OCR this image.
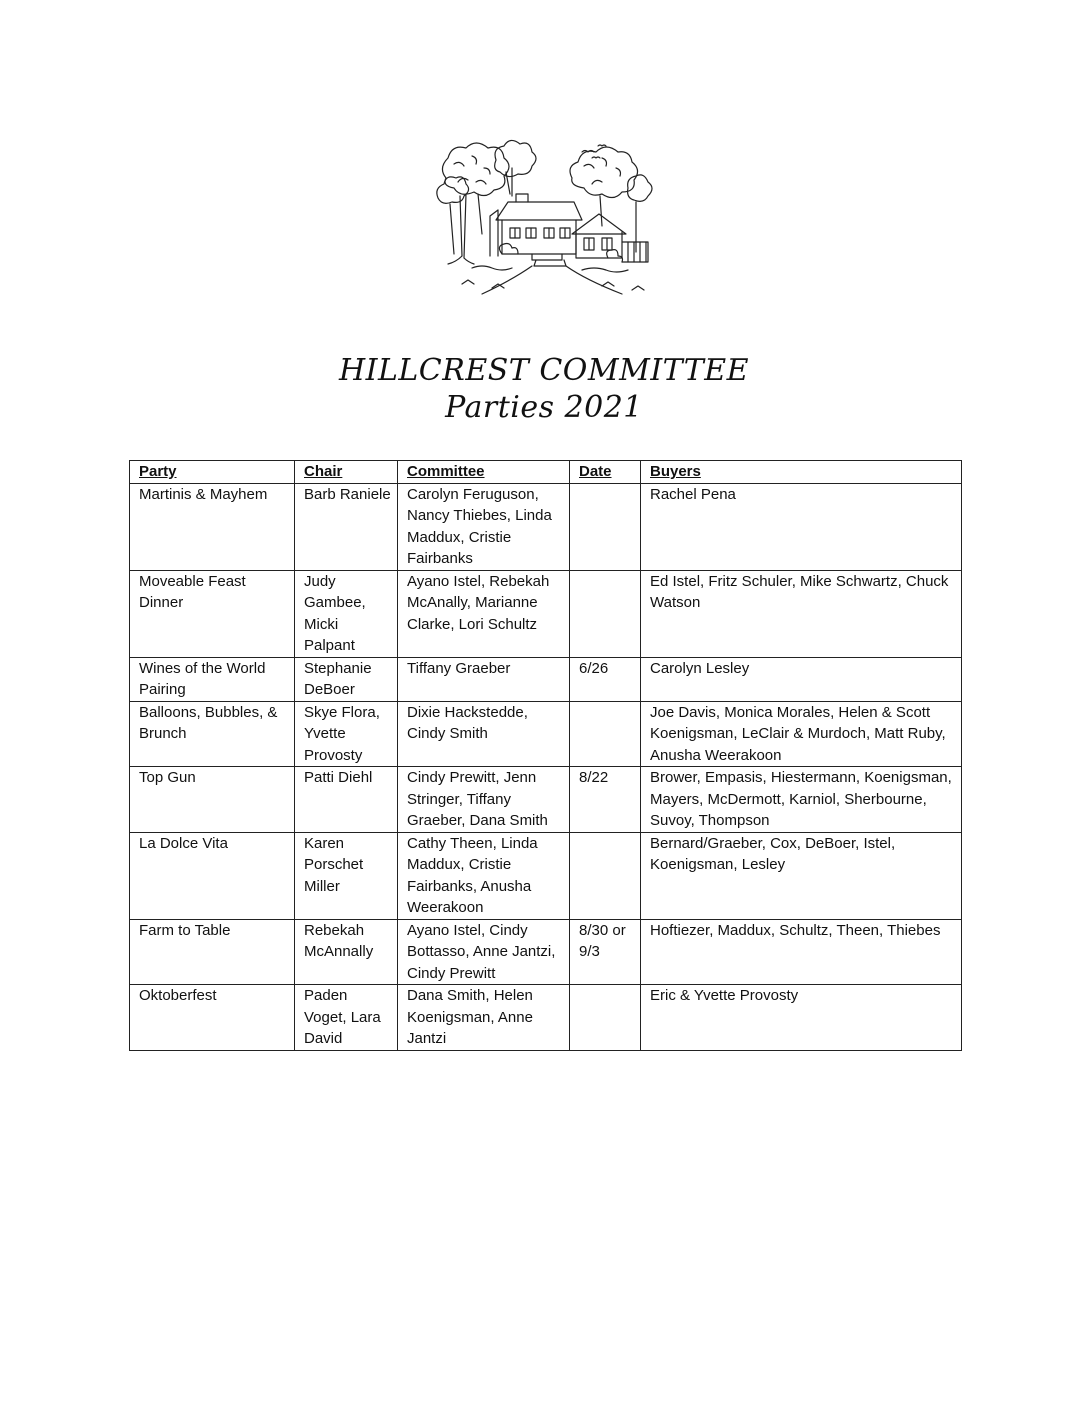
HILLCREST COMMITTEE
Parties 2021
Party	Chair	Committee	Date	Buyers
Martinis & Mayhem	Barb Raniele	Carolyn Feruguson, Nancy Thiebes, Linda Maddux, Cristie Fairbanks		Rachel Pena
Moveable Feast Dinner	Judy Gambee, Micki Palpant	Ayano Istel, Rebekah McAnally, Marianne Clarke, Lori Schultz		Ed Istel, Fritz Schuler, Mike Schwartz, Chuck Watson
Wines of the World Pairing	Stephanie DeBoer	Tiffany Graeber	6/26	Carolyn Lesley
Balloons, Bubbles, & Brunch	Skye Flora, Yvette Provosty	Dixie Hackstedde, Cindy Smith		Joe Davis, Monica Morales, Helen & Scott Koenigsman, LeClair & Murdoch, Matt Ruby, Anusha Weerakoon
Top Gun	Patti Diehl	Cindy Prewitt, Jenn Stringer, Tiffany Graeber, Dana Smith	8/22	Brower, Empasis, Hiestermann, Koenigsman, Mayers, McDermott, Karniol, Sherbourne, Suvoy, Thompson
La Dolce Vita	Karen Porschet Miller	Cathy Theen, Linda Maddux, Cristie Fairbanks, Anusha Weerakoon		Bernard/Graeber, Cox, DeBoer, Istel, Koenigsman, Lesley
Farm to Table	Rebekah McAnnally	Ayano Istel, Cindy Bottasso, Anne Jantzi, Cindy Prewitt	8/30 or 9/3	Hoftiezer, Maddux, Schultz, Theen, Thiebes
Oktoberfest	Paden Voget, Lara David	Dana Smith, Helen Koenigsman, Anne Jantzi		Eric & Yvette Provosty
